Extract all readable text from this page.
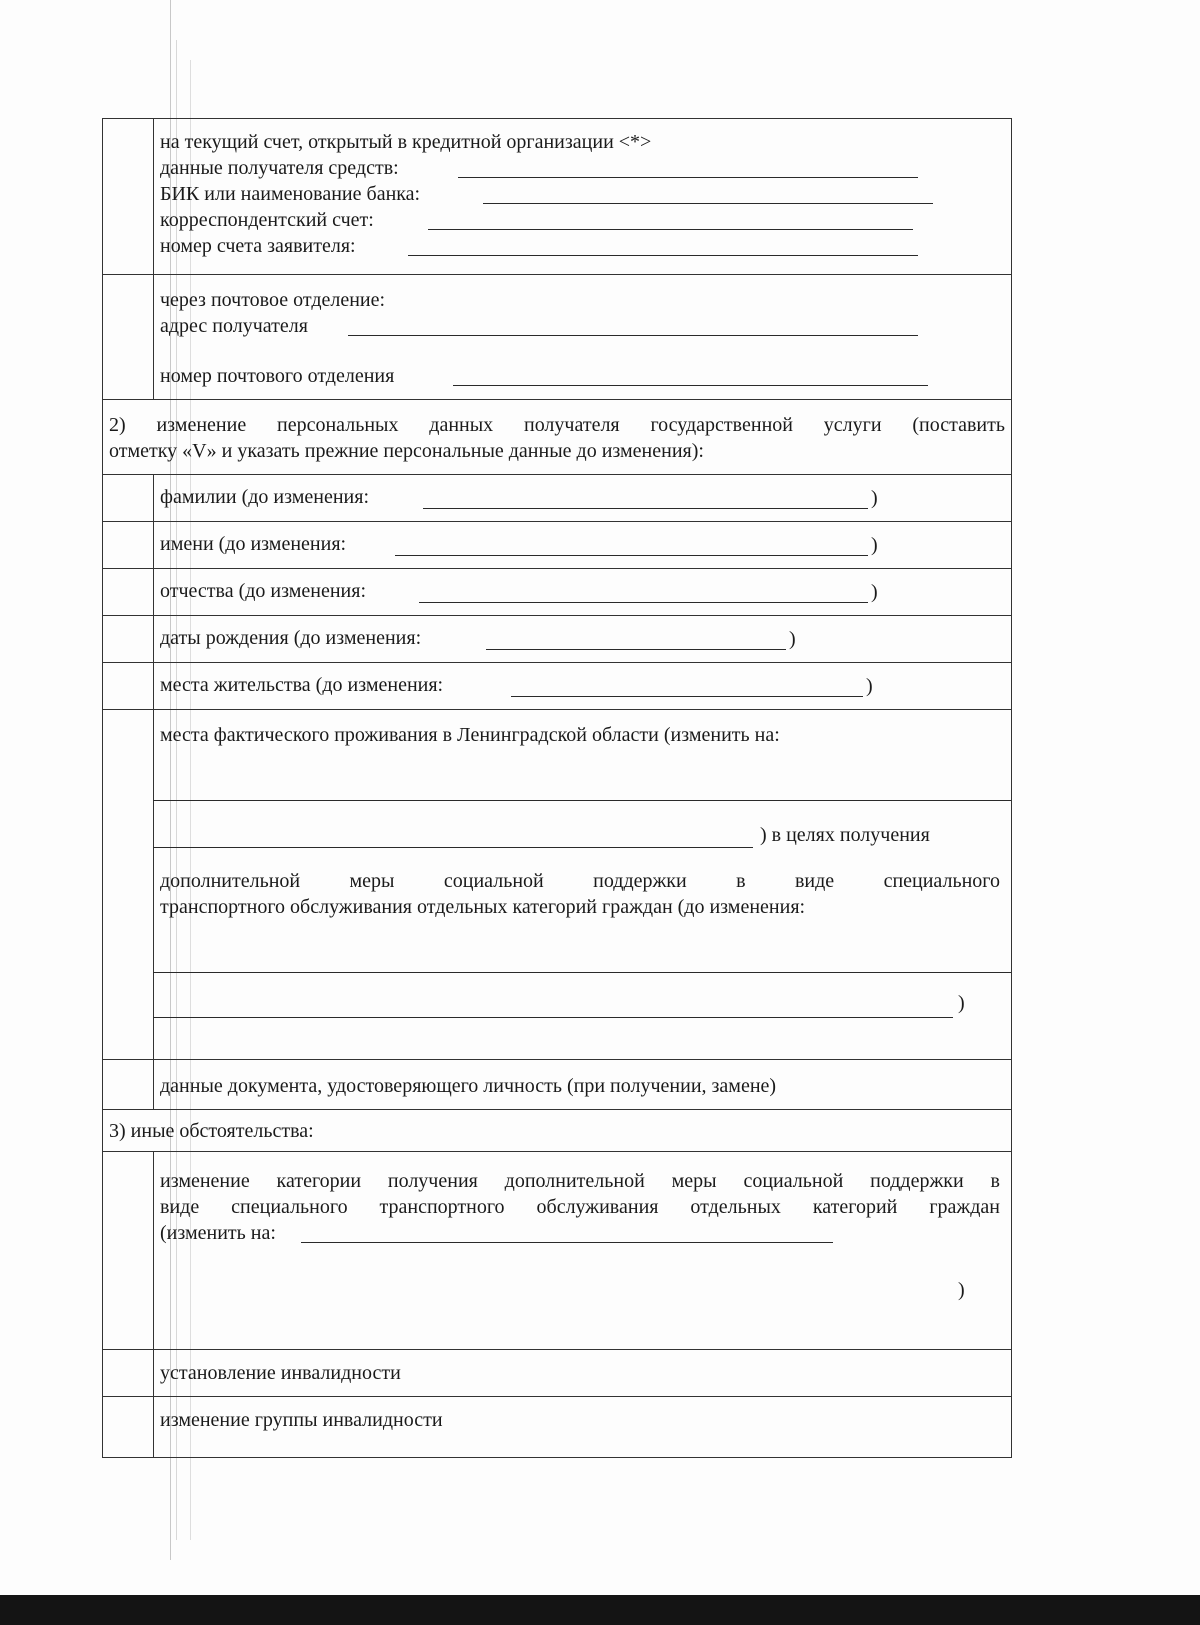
на текущий счет, открытый в кредитной организации <*>
данные получателя средств:
БИК или наименование банка:
корреспондентский счет:
номер счета заявителя:
через почтовое отделение:
адрес получателя
номер почтового отделения
2) изменение персональных данных получателя государственной услуги (поставить
отметку «V» и указать прежние персональные данные до изменения):
фамилии (до изменения:	)
имени (до изменения:	)
отчества (до изменения:	)
даты рождения (до изменения:	)
места жительства (до изменения:	)
места фактического проживания в Ленинградской области (изменить на:
) в целях получения
дополнительной меры социальной поддержки в виде специального
транспортного обслуживания отдельных категорий граждан (до изменения:
)
данные документа, удостоверяющего личность (при получении, замене)
3) иные обстоятельства:
изменение категории получения дополнительной меры социальной поддержки в
виде специального транспортного обслуживания отдельных категорий граждан
(изменить на:
)
установление инвалидности
изменение группы инвалидности
